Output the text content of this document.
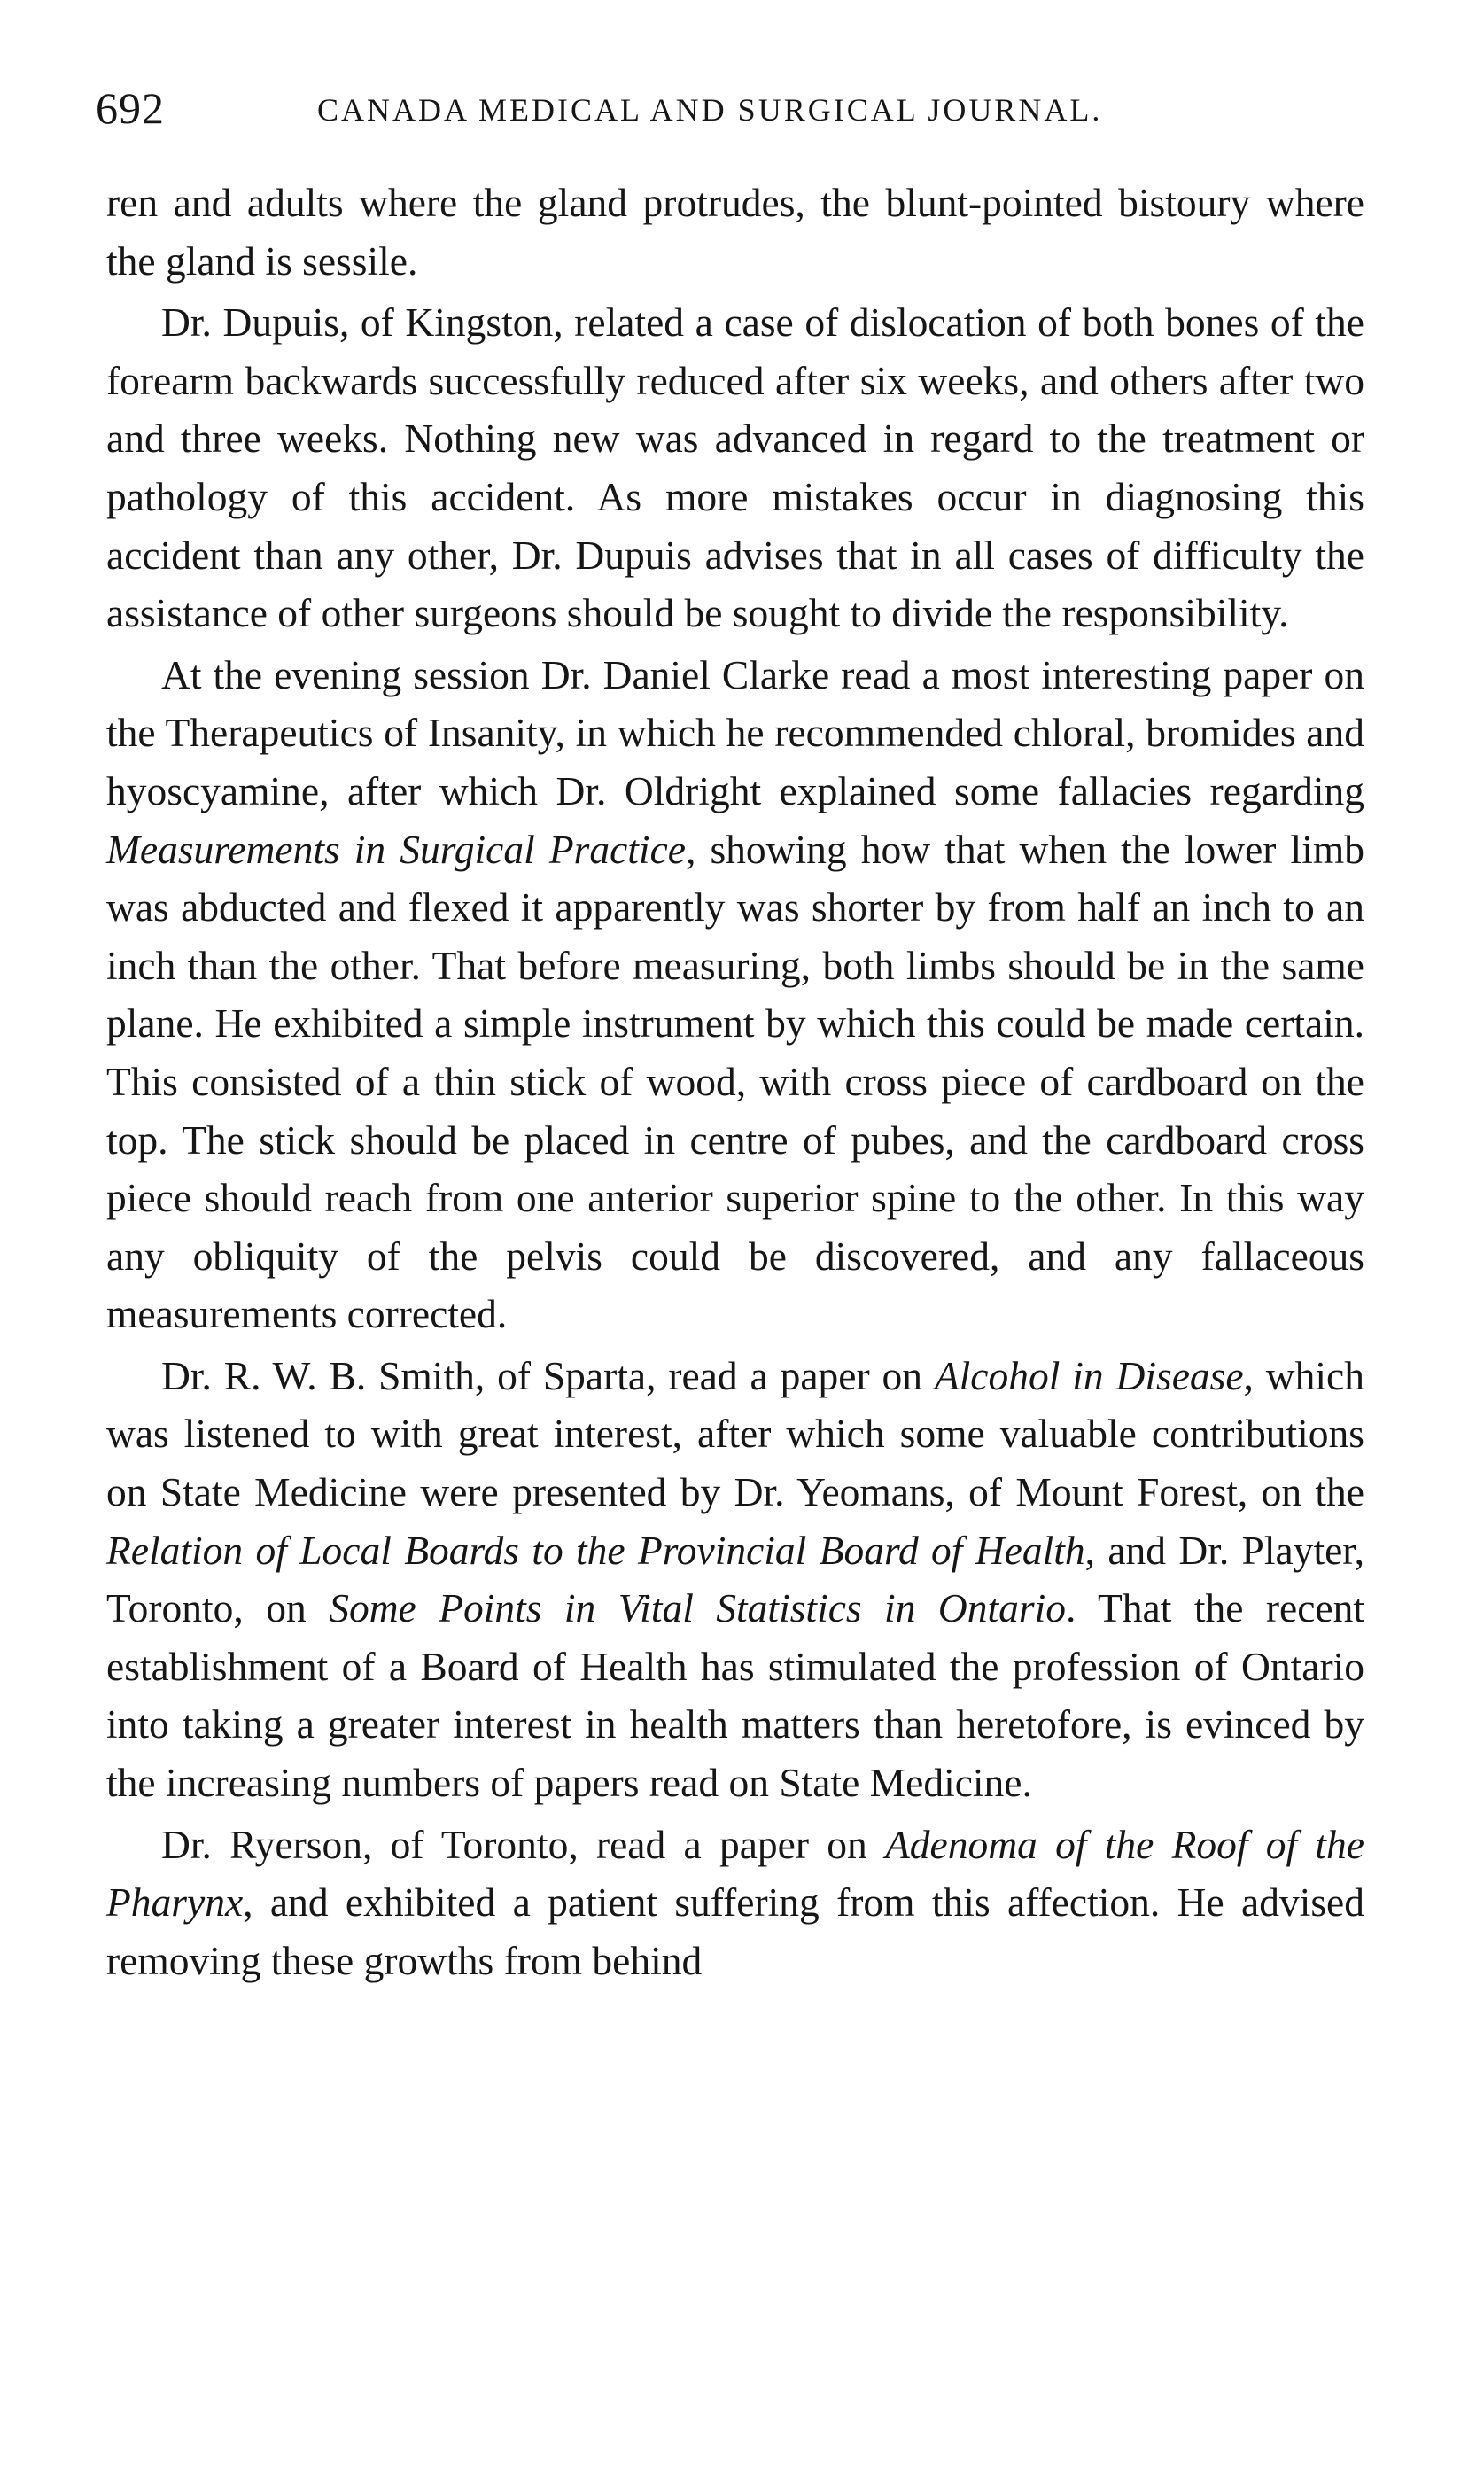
692	CANADA MEDICAL AND SURGICAL JOURNAL.

ren and adults where the gland protrudes, the blunt-pointed bistoury where the gland is sessile.

Dr. Dupuis, of Kingston, related a case of dislocation of both bones of the forearm backwards successfully reduced after six weeks, and others after two and three weeks. Nothing new was advanced in regard to the treatment or pathology of this accident. As more mistakes occur in diagnosing this accident than any other, Dr. Dupuis advises that in all cases of difficulty the assistance of other surgeons should be sought to divide the responsibility.

At the evening session Dr. Daniel Clarke read a most interesting paper on the Therapeutics of Insanity, in which he recommended chloral, bromides and hyoscyamine, after which Dr. Oldright explained some fallacies regarding Measurements in Surgical Practice, showing how that when the lower limb was abducted and flexed it apparently was shorter by from half an inch to an inch than the other. That before measuring, both limbs should be in the same plane. He exhibited a simple instrument by which this could be made certain. This consisted of a thin stick of wood, with cross piece of cardboard on the top. The stick should be placed in centre of pubes, and the cardboard cross piece should reach from one anterior superior spine to the other. In this way any obliquity of the pelvis could be discovered, and any fallaceous measurements corrected.

Dr. R. W. B. Smith, of Sparta, read a paper on Alcohol in Disease, which was listened to with great interest, after which some valuable contributions on State Medicine were presented by Dr. Yeomans, of Mount Forest, on the Relation of Local Boards to the Provincial Board of Health, and Dr. Playter, Toronto, on Some Points in Vital Statistics in Ontario. That the recent establishment of a Board of Health has stimulated the profession of Ontario into taking a greater interest in health matters than heretofore, is evinced by the increasing numbers of papers read on State Medicine.

Dr. Ryerson, of Toronto, read a paper on Adenoma of the Roof of the Pharynx, and exhibited a patient suffering from this affection. He advised removing these growths from behind
